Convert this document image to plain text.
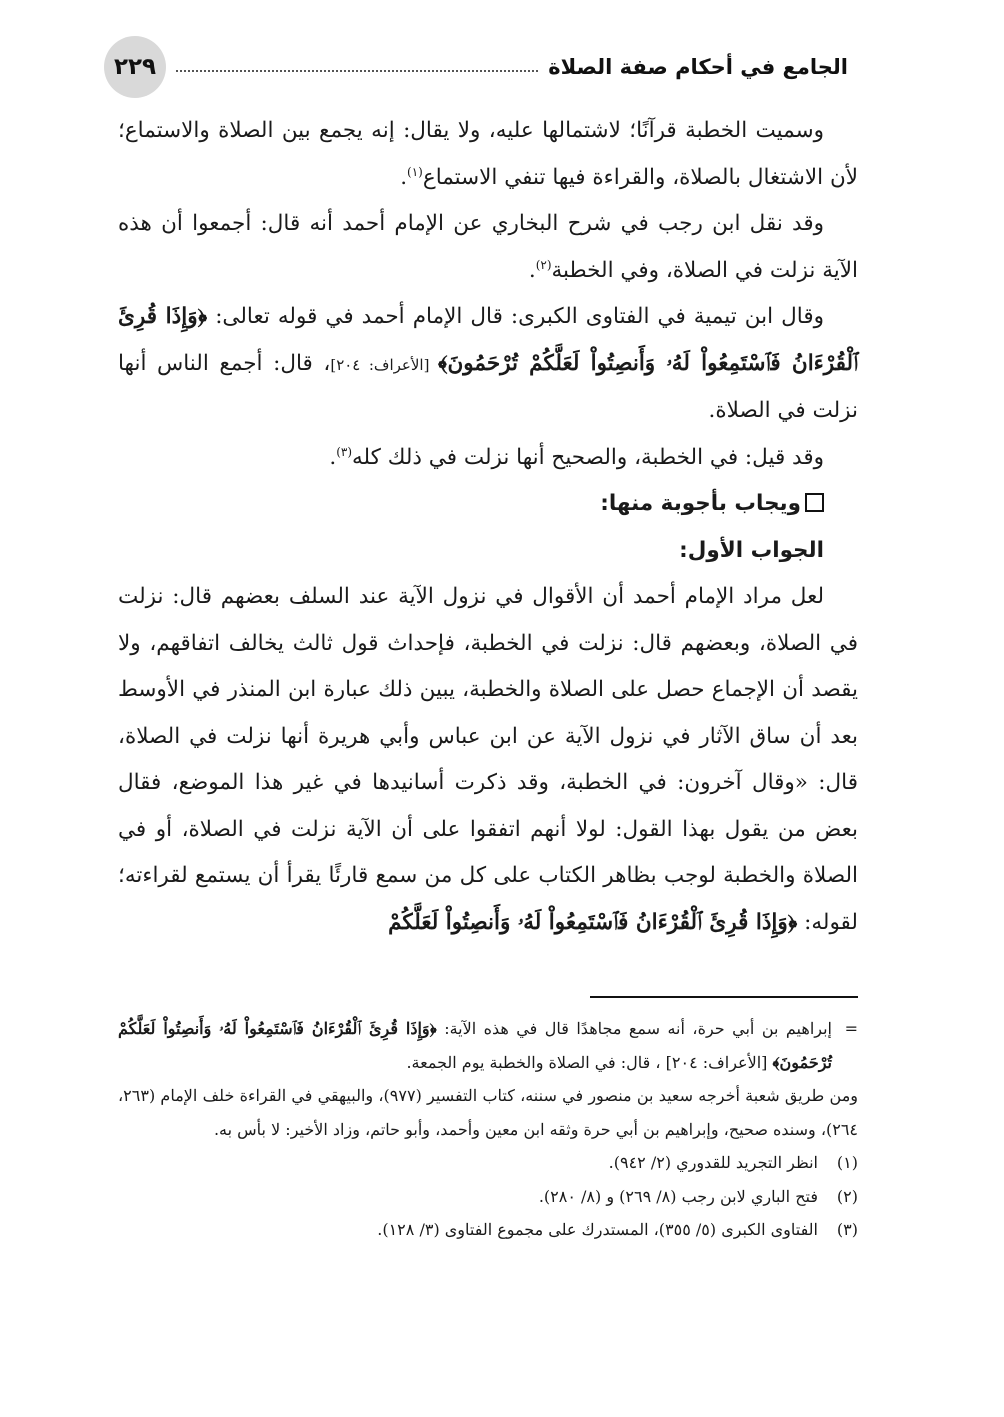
الجامع في أحكام صفة الصلاة
٢٢٩

وسميت الخطبة قرآنًا؛ لاشتمالها عليه، ولا يقال: إنه يجمع بين الصلاة والاستماع؛ لأن الاشتغال بالصلاة، والقراءة فيها تنفي الاستماع$^{(١)}$.

وقد نقل ابن رجب في شرح البخاري عن الإمام أحمد أنه قال: أجمعوا أن هذه الآية نزلت في الصلاة، وفي الخطبة$^{(٢)}$.

وقال ابن تيمية في الفتاوى الكبرى: قال الإمام أحمد في قوله تعالى: ﴿وَإِذَا قُرِئَ ٱلْقُرْءَانُ فَٱسْتَمِعُواْ لَهُۥ وَأَنصِتُواْ لَعَلَّكُمْ تُرْحَمُونَ﴾ [الأعراف: ٢٠٤]، قال: أجمع الناس أنها نزلت في الصلاة.

وقد قيل: في الخطبة، والصحيح أنها نزلت في ذلك كله$^{(٣)}$.

ويجاب بأجوبة منها:

الجواب الأول:

لعل مراد الإمام أحمد أن الأقوال في نزول الآية عند السلف بعضهم قال: نزلت في الصلاة، وبعضهم قال: نزلت في الخطبة، فإحداث قول ثالث يخالف اتفاقهم، ولا يقصد أن الإجماع حصل على الصلاة والخطبة، يبين ذلك عبارة ابن المنذر في الأوسط بعد أن ساق الآثار في نزول الآية عن ابن عباس وأبي هريرة أنها نزلت في الصلاة، قال: «وقال آخرون: في الخطبة، وقد ذكرت أسانيدها في غير هذا الموضع، فقال بعض من يقول بهذا القول: لولا أنهم اتفقوا على أن الآية نزلت في الصلاة، أو في الصلاة والخطبة لوجب بظاهر الكتاب على كل من سمع قارئًا يقرأ أن يستمع لقراءته؛ لقوله: ﴿وَإِذَا قُرِئَ ٱلْقُرْءَانُ فَٱسْتَمِعُواْ لَهُۥ وَأَنصِتُواْ لَعَلَّكُمْ

=
إبراهيم بن أبي حرة، أنه سمع مجاهدًا قال في هذه الآية: ﴿وَإِذَا قُرِئَ ٱلْقُرْءَانُ فَٱسْتَمِعُواْ لَهُۥ وَأَنصِتُواْ لَعَلَّكُمْ تُرْحَمُونَ﴾ [الأعراف: ٢٠٤] ، قال: في الصلاة والخطبة يوم الجمعة.

ومن طريق شعبة أخرجه سعيد بن منصور في سننه، كتاب التفسير (٩٧٧)، والبيهقي في القراءة خلف الإمام (٢٦٣، ٢٦٤)، وسنده صحيح، وإبراهيم بن أبي حرة وثقه ابن معين وأحمد، وأبو حاتم، وزاد الأخير: لا بأس به.

(١)
انظر التجريد للقدوري (٢/ ٩٤٢).
(٢)
فتح الباري لابن رجب (٨/ ٢٦٩) و (٨/ ٢٨٠).
(٣)
الفتاوى الكبرى (٥/ ٣٥٥)، المستدرك على مجموع الفتاوى (٣/ ١٢٨).
